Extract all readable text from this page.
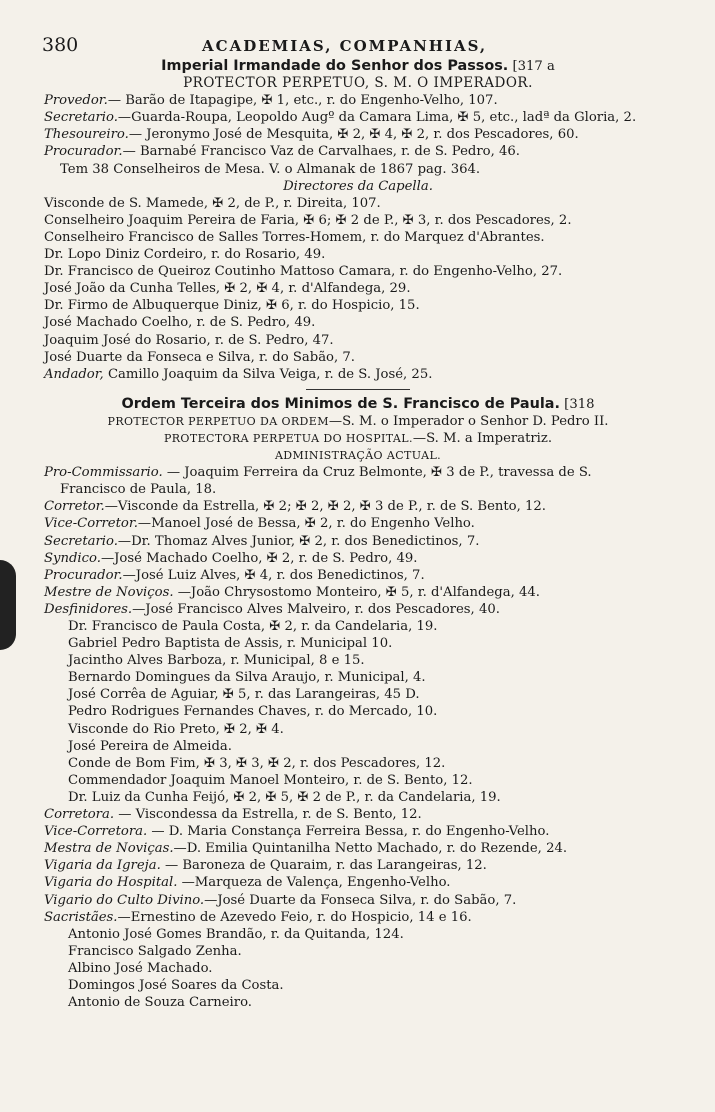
380	ACADEMIAS, COMPANHIAS,
Imperial Irmandade do Senhor dos Passos. [317 a
PROTECTOR PERPETUO, S. M. O IMPERADOR.
Provedor.— Barão de Itapagipe, ✠ 1, etc., r. do Engenho-Velho, 107.
Secretario.—Guarda-Roupa, Leopoldo Augº da Camara Lima, ✠ 5, etc., ladª da Gloria, 2.
Thesoureiro.— Jeronymo José de Mesquita, ✠ 2, ✠ 4, ✠ 2, r. dos Pescadores, 60.
Procurador.— Barnabé Francisco Vaz de Carvalhaes, r. de S. Pedro, 46.
Tem 38 Conselheiros de Mesa. V. o Almanak de 1867 pag. 364.
Directores da Capella.
Visconde de S. Mamede, ✠ 2, de P., r. Direita, 107.
Conselheiro Joaquim Pereira de Faria, ✠ 6; ✠ 2 de P., ✠ 3, r. dos Pescadores, 2.
Conselheiro Francisco de Salles Torres-Homem, r. do Marquez d'Abrantes.
Dr. Lopo Diniz Cordeiro, r. do Rosario, 49.
Dr. Francisco de Queiroz Coutinho Mattoso Camara, r. do Engenho-Velho, 27.
José João da Cunha Telles, ✠ 2, ✠ 4, r. d'Alfandega, 29.
Dr. Firmo de Albuquerque Diniz, ✠ 6, r. do Hospicio, 15.
José Machado Coelho, r. de S. Pedro, 49.
Joaquim José do Rosario, r. de S. Pedro, 47.
José Duarte da Fonseca e Silva, r. do Sabão, 7.
Andador, Camillo Joaquim da Silva Veiga, r. de S. José, 25.
Ordem Terceira dos Minimos de S. Francisco de Paula. [318
PROTECTOR PERPETUO DA ORDEM—S. M. o Imperador o Senhor D. Pedro II.
PROTECTORA PERPETUA DO HOSPITAL.—S. M. a Imperatriz.
ADMINISTRAÇÃO ACTUAL.
Pro-Commissario. — Joaquim Ferreira da Cruz Belmonte, ✠ 3 de P., travessa de S.
Francisco de Paula, 18.
Corretor.—Visconde da Estrella, ✠ 2; ✠ 2, ✠ 2, ✠ 3 de P., r. de S. Bento, 12.
Vice-Corretor.—Manoel José de Bessa, ✠ 2, r. do Engenho Velho.
Secretario.—Dr. Thomaz Alves Junior, ✠ 2, r. dos Benedictinos, 7.
Syndico.—José Machado Coelho, ✠ 2, r. de S. Pedro, 49.
Procurador.—José Luiz Alves, ✠ 4, r. dos Benedictinos, 7.
Mestre de Noviços. —João Chrysostomo Monteiro, ✠ 5, r. d'Alfandega, 44.
Desfinidores.—José Francisco Alves Malveiro, r. dos Pescadores, 40.
Dr. Francisco de Paula Costa, ✠ 2, r. da Candelaria, 19.
Gabriel Pedro Baptista de Assis, r. Municipal 10.
Jacintho Alves Barboza, r. Municipal, 8 e 15.
Bernardo Domingues da Silva Araujo, r. Municipal, 4.
José Corrêa de Aguiar, ✠ 5, r. das Larangeiras, 45 D.
Pedro Rodrigues Fernandes Chaves, r. do Mercado, 10.
Visconde do Rio Preto, ✠ 2, ✠ 4.
José Pereira de Almeida.
Conde de Bom Fim, ✠ 3, ✠ 3, ✠ 2, r. dos Pescadores, 12.
Commendador Joaquim Manoel Monteiro, r. de S. Bento, 12.
Dr. Luiz da Cunha Feijó, ✠ 2, ✠ 5, ✠ 2 de P., r. da Candelaria, 19.
Corretora. — Viscondessa da Estrella, r. de S. Bento, 12.
Vice-Corretora. — D. Maria Constança Ferreira Bessa, r. do Engenho-Velho.
Mestra de Noviças.—D. Emilia Quintanilha Netto Machado, r. do Rezende, 24.
Vigaria da Igreja. — Baroneza de Quaraim, r. das Larangeiras, 12.
Vigaria do Hospital. —Marqueza de Valença, Engenho-Velho.
Vigario do Culto Divino.—José Duarte da Fonseca Silva, r. do Sabão, 7.
Sacristães.—Ernestino de Azevedo Feio, r. do Hospicio, 14 e 16.
Antonio José Gomes Brandão, r. da Quitanda, 124.
Francisco Salgado Zenha.
Albino José Machado.
Domingos José Soares da Costa.
Antonio de Souza Carneiro.
